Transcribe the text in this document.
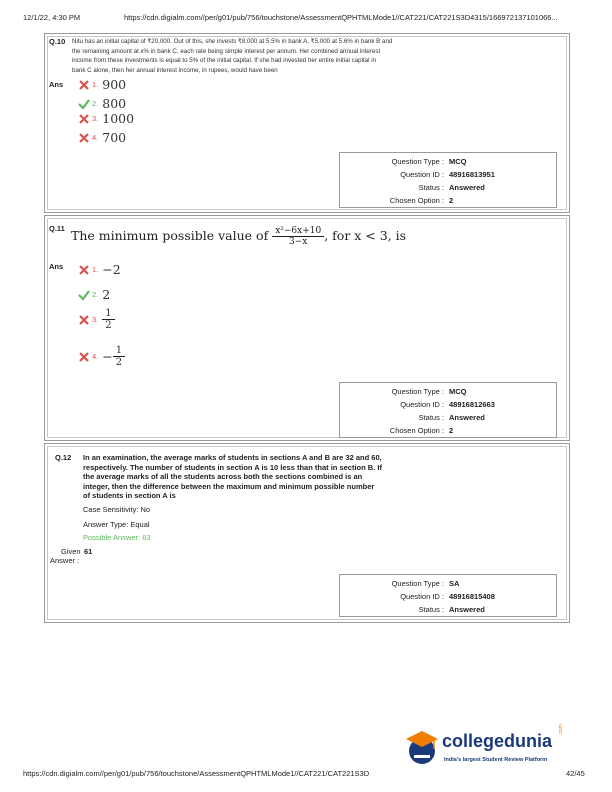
12/1/22, 4:30 PM	https://cdn.digialm.com//per/g01/pub/756/touchstone/AssessmentQPHTMLMode1//CAT221/CAT221S3D4315/166972137101066...
Q.10 Nitu has an initial capital of ₹20,000. Out of this, she invests ₹8,000 at 5.5% in bank A, ₹5,000 at 5.6% in bank B and
the remaining amount at x% in bank C, each rate being simple interest per annum. Her combined annual interest
income from these investments is equal to 5% of the initial capital. If she had invested her entire initial capital in
bank C alone, then her annual interest income, in rupees, would have been
Ans	1. 900
2. 800
3. 1000
4. 700
Question Type : MCQ
Question ID : 48916813951
Status : Answered
Chosen Option : 2
Q.11 The minimum possible value of $\frac{\text{x²−6x+10}}{3-x}$ , for x < 3, is
Ans	1. −2
2. 2
3. $\frac{1}{2}$
4. − $\frac{1}{2}$
Question Type : MCQ
Question ID : 48916812663
Status : Answered
Chosen Option : 2
Q.12 In an examination, the average marks of students in sections A and B are 32 and 60,
respectively. The number of students in section A is 10 less than that in section B. If
the average marks of all the students across both the sections combined is an
integer, then the difference between the maximum and minimum possible number
of students in section A is
Case Sensitivity: No
Answer Type: Equal
Possible Answer: 63
Given 61
Answer :
Question Type : SA
Question ID : 48916815408
Status : Answered
collegedunia
.com
India's largest Student Review Platform
https://cdn.digialm.com//per/g01/pub/756/touchstone/AssessmentQPHTMLMode1//CAT221/CAT221S3D	42/45
